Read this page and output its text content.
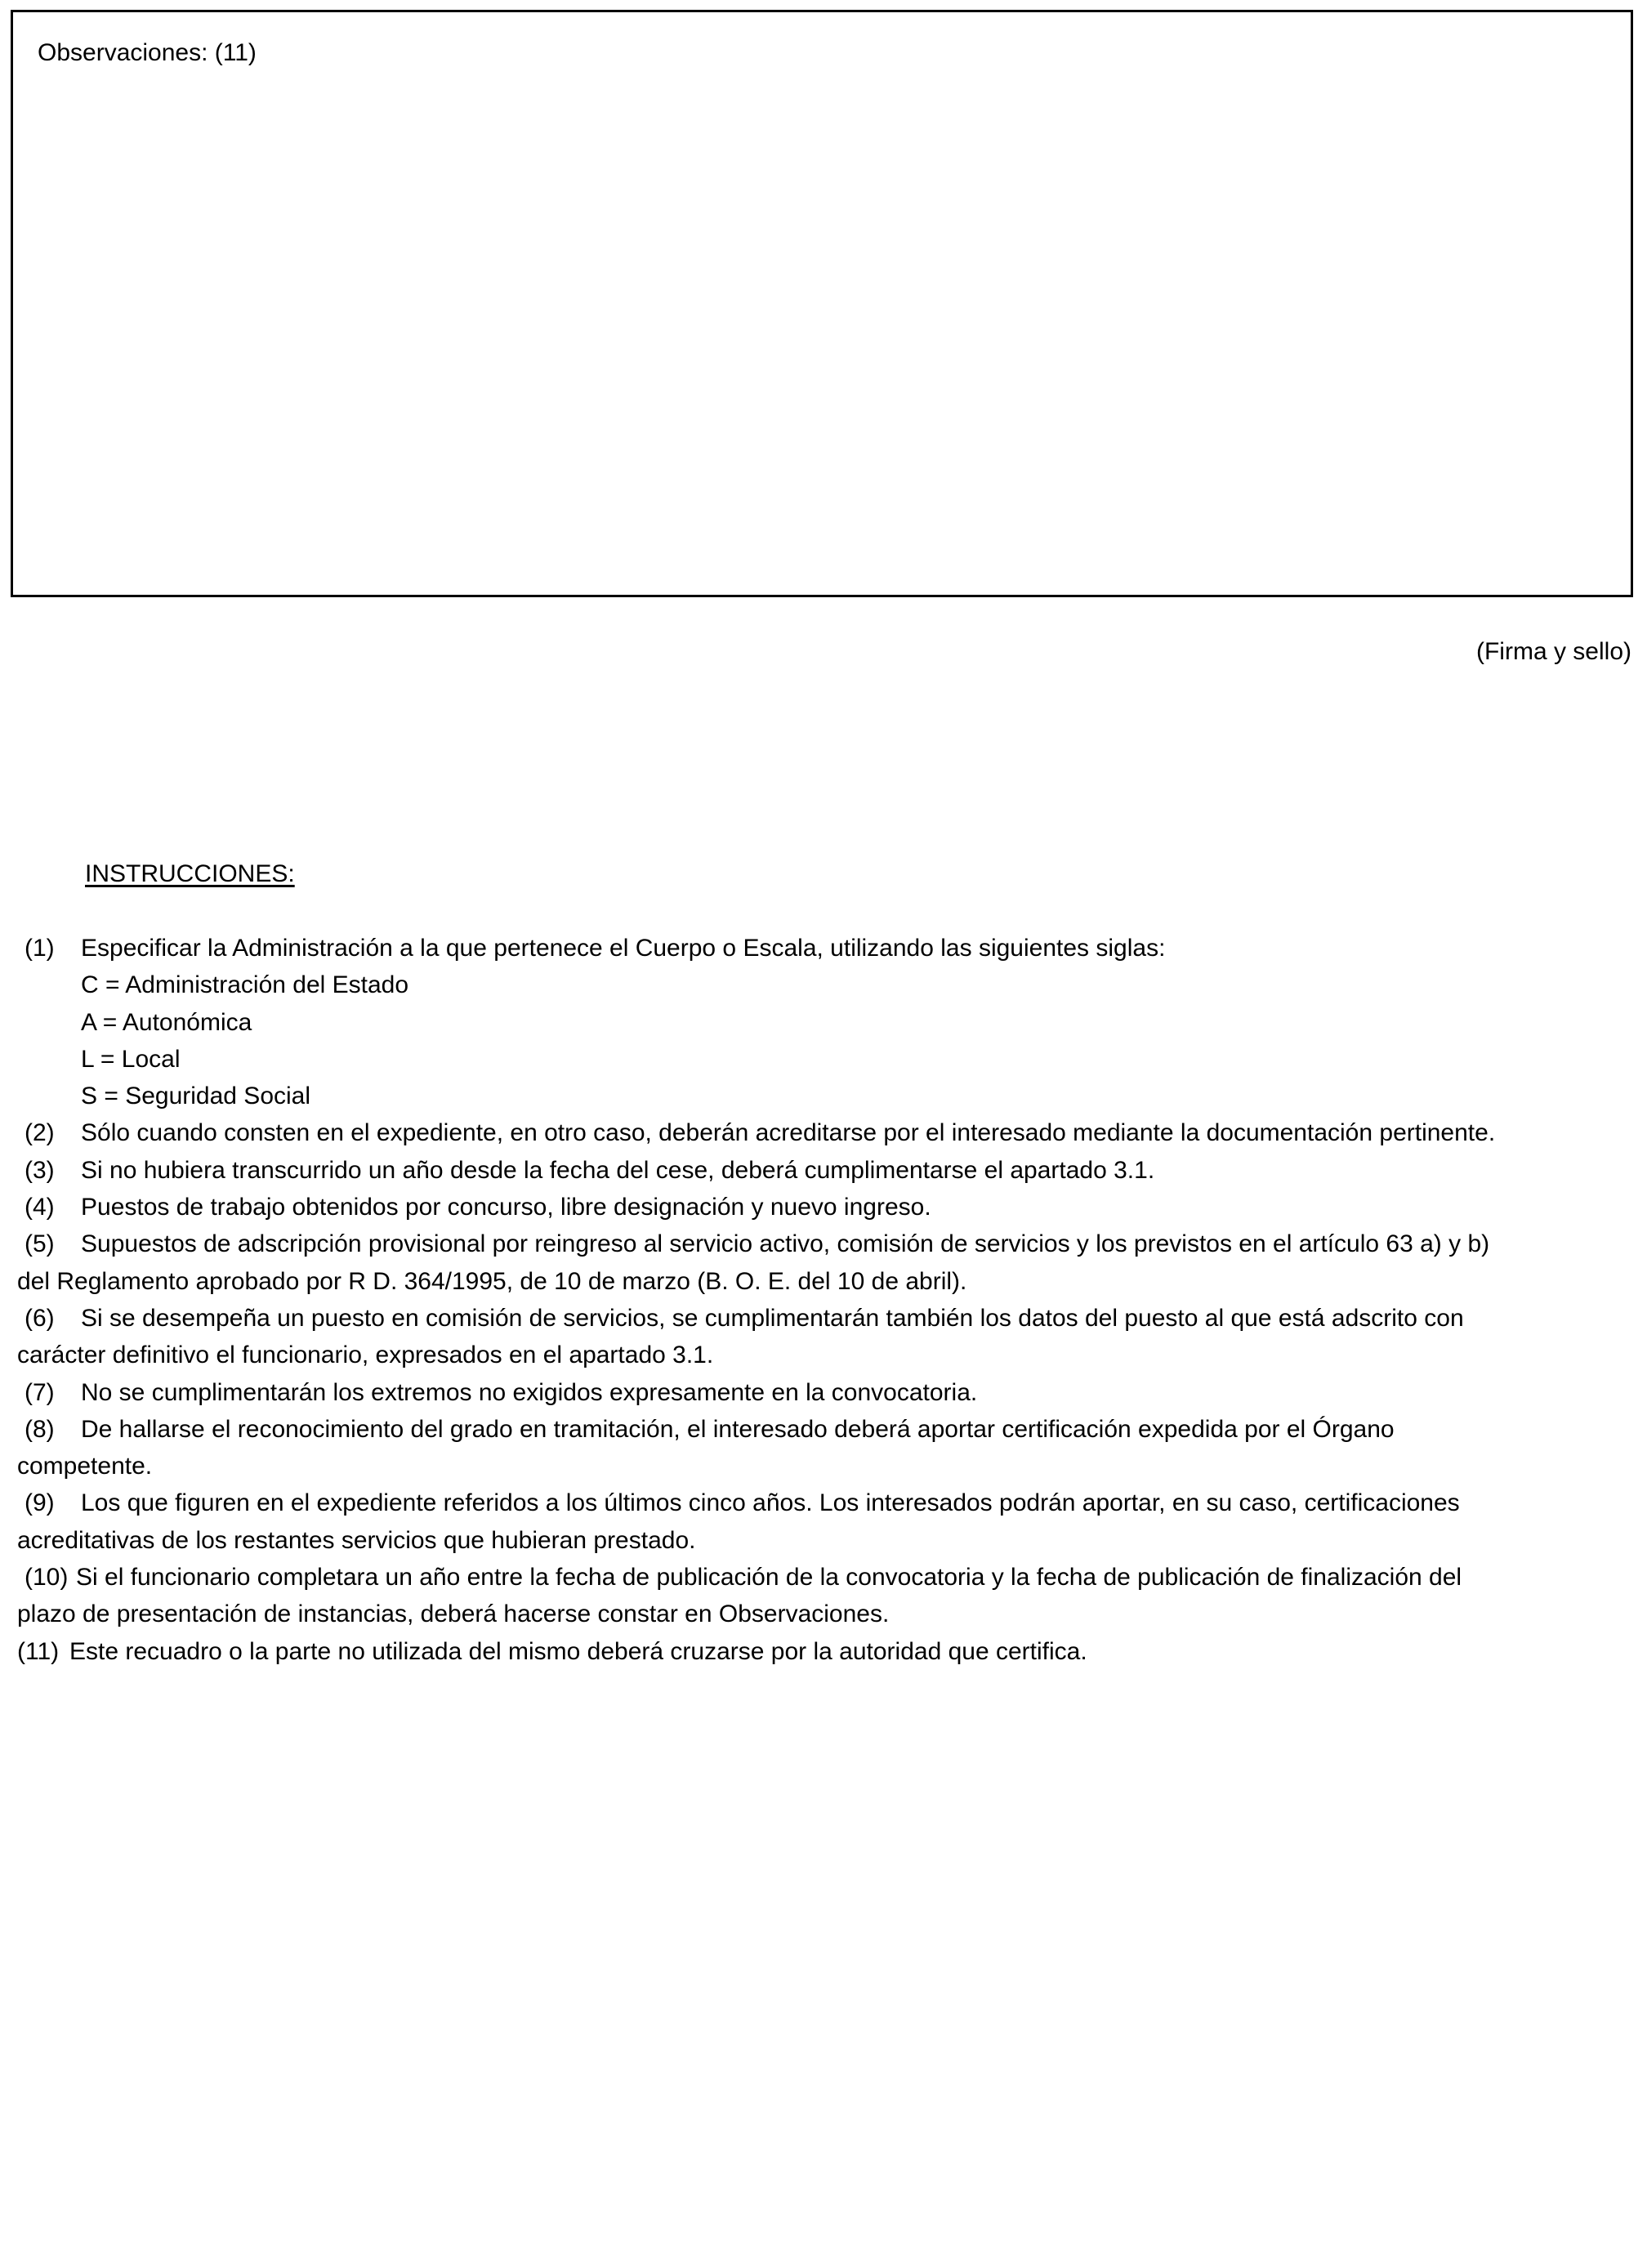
Observaciones: (11)
(Firma y sello)
INSTRUCCIONES:
(1) Especificar la Administración a la que pertenece el Cuerpo o Escala, utilizando las siguientes siglas:
C = Administración del Estado
A = Autonómica
L = Local
S = Seguridad Social
(2) Sólo cuando consten en el expediente, en otro caso, deberán acreditarse por el interesado mediante la documentación pertinente.
(3) Si no hubiera transcurrido un año desde la fecha del cese, deberá cumplimentarse el apartado 3.1.
(4) Puestos de trabajo obtenidos por concurso, libre designación y nuevo ingreso.
(5) Supuestos de adscripción provisional por reingreso al servicio activo, comisión de servicios y los previstos en el artículo 63 a) y b)
del Reglamento aprobado por R D. 364/1995, de 10 de marzo (B. O. E. del 10 de abril).
(6) Si se desempeña un puesto en comisión de servicios, se cumplimentarán también los datos del puesto al que está adscrito con
carácter definitivo el funcionario, expresados en el apartado 3.1.
(7) No se cumplimentarán los extremos no exigidos expresamente en la convocatoria.
(8) De hallarse el reconocimiento del grado en tramitación, el interesado deberá aportar certificación expedida por el Órgano
competente.
(9) Los que figuren en el expediente referidos a los últimos cinco años. Los interesados podrán aportar, en su caso, certificaciones
acreditativas de los restantes servicios que hubieran prestado.
(10) Si el funcionario completara un año entre la fecha de publicación de la convocatoria y la fecha de publicación de finalización del
plazo de presentación de instancias, deberá hacerse constar en Observaciones.
(11) Este recuadro o la parte no utilizada del mismo deberá cruzarse por la autoridad que certifica.
